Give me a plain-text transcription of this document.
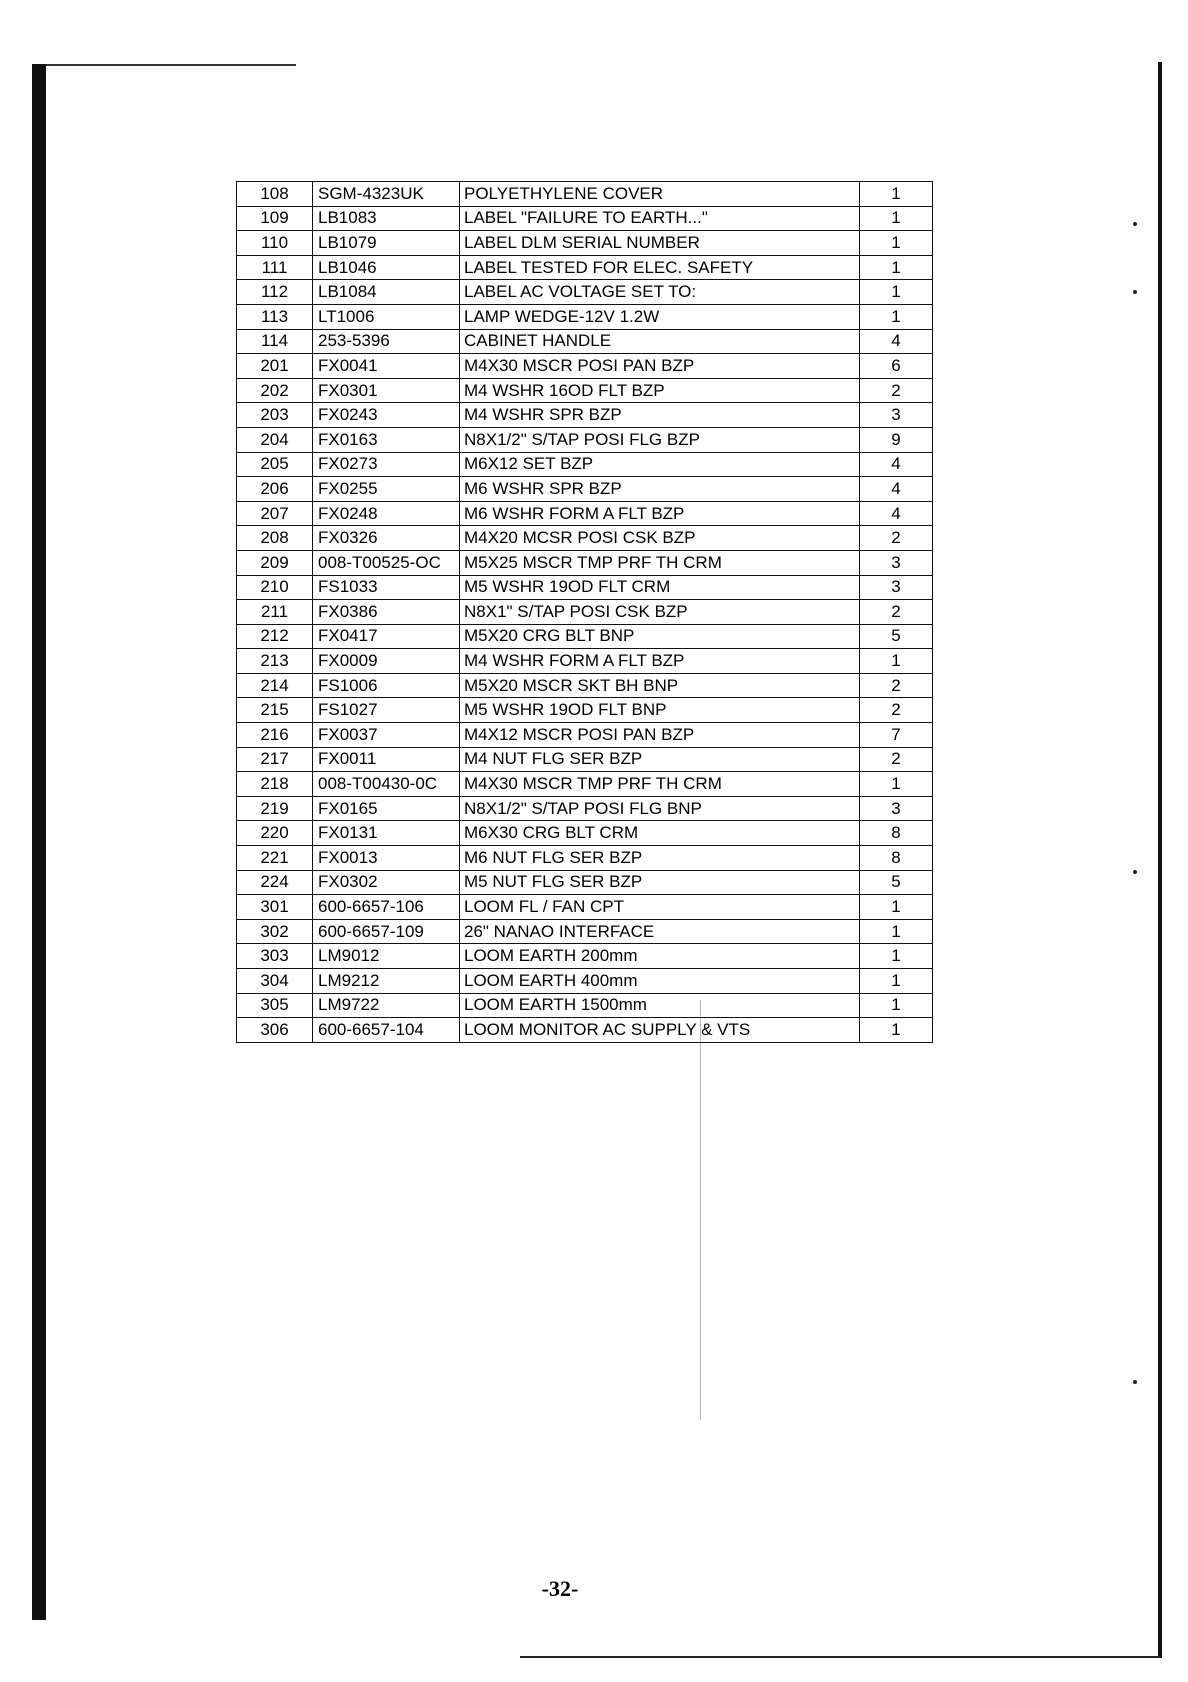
108	SGM-4323UK	POLYETHYLENE COVER	1
109	LB1083	LABEL "FAILURE TO EARTH..."	1
110	LB1079	LABEL DLM SERIAL NUMBER	1
111	LB1046	LABEL TESTED FOR ELEC. SAFETY	1
112	LB1084	LABEL AC VOLTAGE SET TO:	1
113	LT1006	LAMP WEDGE-12V 1.2W	1
114	253-5396	CABINET HANDLE	4
201	FX0041	M4X30 MSCR POSI PAN BZP	6
202	FX0301	M4 WSHR 16OD FLT BZP	2
203	FX0243	M4 WSHR SPR BZP	3
204	FX0163	N8X1/2" S/TAP POSI FLG BZP	9
205	FX0273	M6X12 SET BZP	4
206	FX0255	M6 WSHR SPR BZP	4
207	FX0248	M6 WSHR FORM A FLT BZP	4
208	FX0326	M4X20 MCSR POSI CSK BZP	2
209	008-T00525-OC	M5X25 MSCR TMP PRF TH CRM	3
210	FS1033	M5 WSHR 19OD FLT CRM	3
211	FX0386	N8X1" S/TAP POSI CSK BZP	2
212	FX0417	M5X20 CRG BLT BNP	5
213	FX0009	M4 WSHR FORM A FLT BZP	1
214	FS1006	M5X20 MSCR SKT BH BNP	2
215	FS1027	M5 WSHR 19OD FLT BNP	2
216	FX0037	M4X12 MSCR POSI PAN BZP	7
217	FX0011	M4 NUT FLG SER BZP	2
218	008-T00430-0C	M4X30 MSCR TMP PRF TH CRM	1
219	FX0165	N8X1/2" S/TAP POSI FLG BNP	3
220	FX0131	M6X30 CRG BLT CRM	8
221	FX0013	M6 NUT FLG SER BZP	8
224	FX0302	M5 NUT FLG SER BZP	5
301	600-6657-106	LOOM FL / FAN CPT	1
302	600-6657-109	26" NANAO INTERFACE	1
303	LM9012	LOOM EARTH 200mm	1
304	LM9212	LOOM EARTH 400mm	1
305	LM9722	LOOM EARTH 1500mm	1
306	600-6657-104	LOOM MONITOR AC SUPPLY & VTS	1
-32-
